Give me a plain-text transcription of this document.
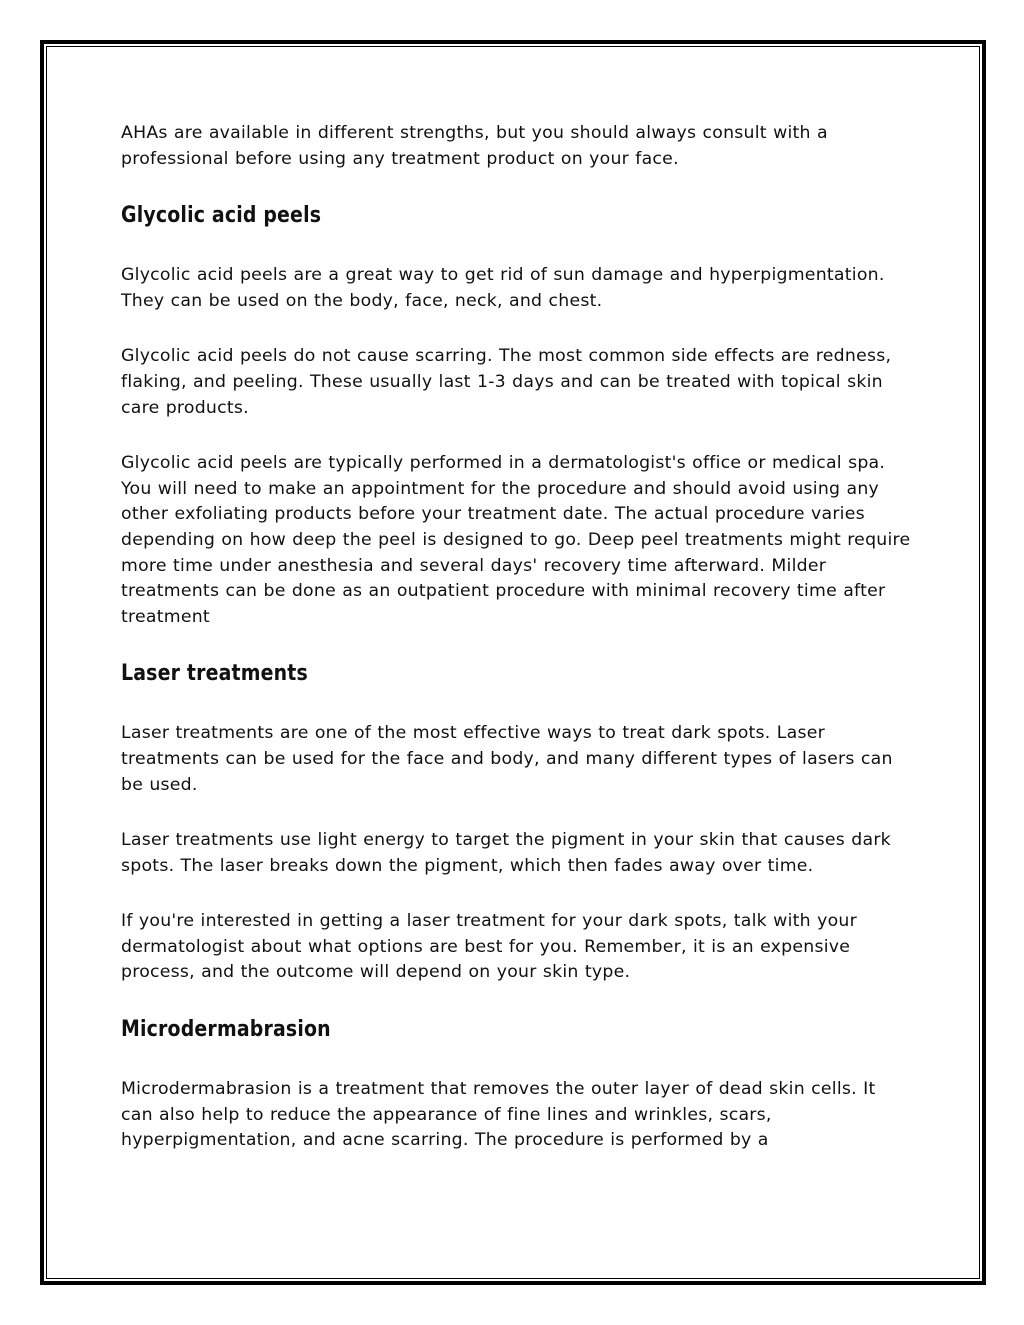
AHAs are available in different strengths, but you should always consult with a professional before using any treatment product on your face.

Glycolic acid peels

Glycolic acid peels are a great way to get rid of sun damage and hyperpigmentation. They can be used on the body, face, neck, and chest.

Glycolic acid peels do not cause scarring. The most common side effects are redness, flaking, and peeling. These usually last 1-3 days and can be treated with topical skin care products.

Glycolic acid peels are typically performed in a dermatologist's office or medical spa. You will need to make an appointment for the procedure and should avoid using any other exfoliating products before your treatment date. The actual procedure varies depending on how deep the peel is designed to go. Deep peel treatments might require more time under anesthesia and several days' recovery time afterward. Milder treatments can be done as an outpatient procedure with minimal recovery time after treatment

Laser treatments

Laser treatments are one of the most effective ways to treat dark spots. Laser treatments can be used for the face and body, and many different types of lasers can be used.

Laser treatments use light energy to target the pigment in your skin that causes dark spots. The laser breaks down the pigment, which then fades away over time.

If you're interested in getting a laser treatment for your dark spots, talk with your dermatologist about what options are best for you. Remember, it is an expensive process, and the outcome will depend on your skin type.

Microdermabrasion

Microdermabrasion is a treatment that removes the outer layer of dead skin cells. It can also help to reduce the appearance of fine lines and wrinkles, scars, hyperpigmentation, and acne scarring. The procedure is performed by a
